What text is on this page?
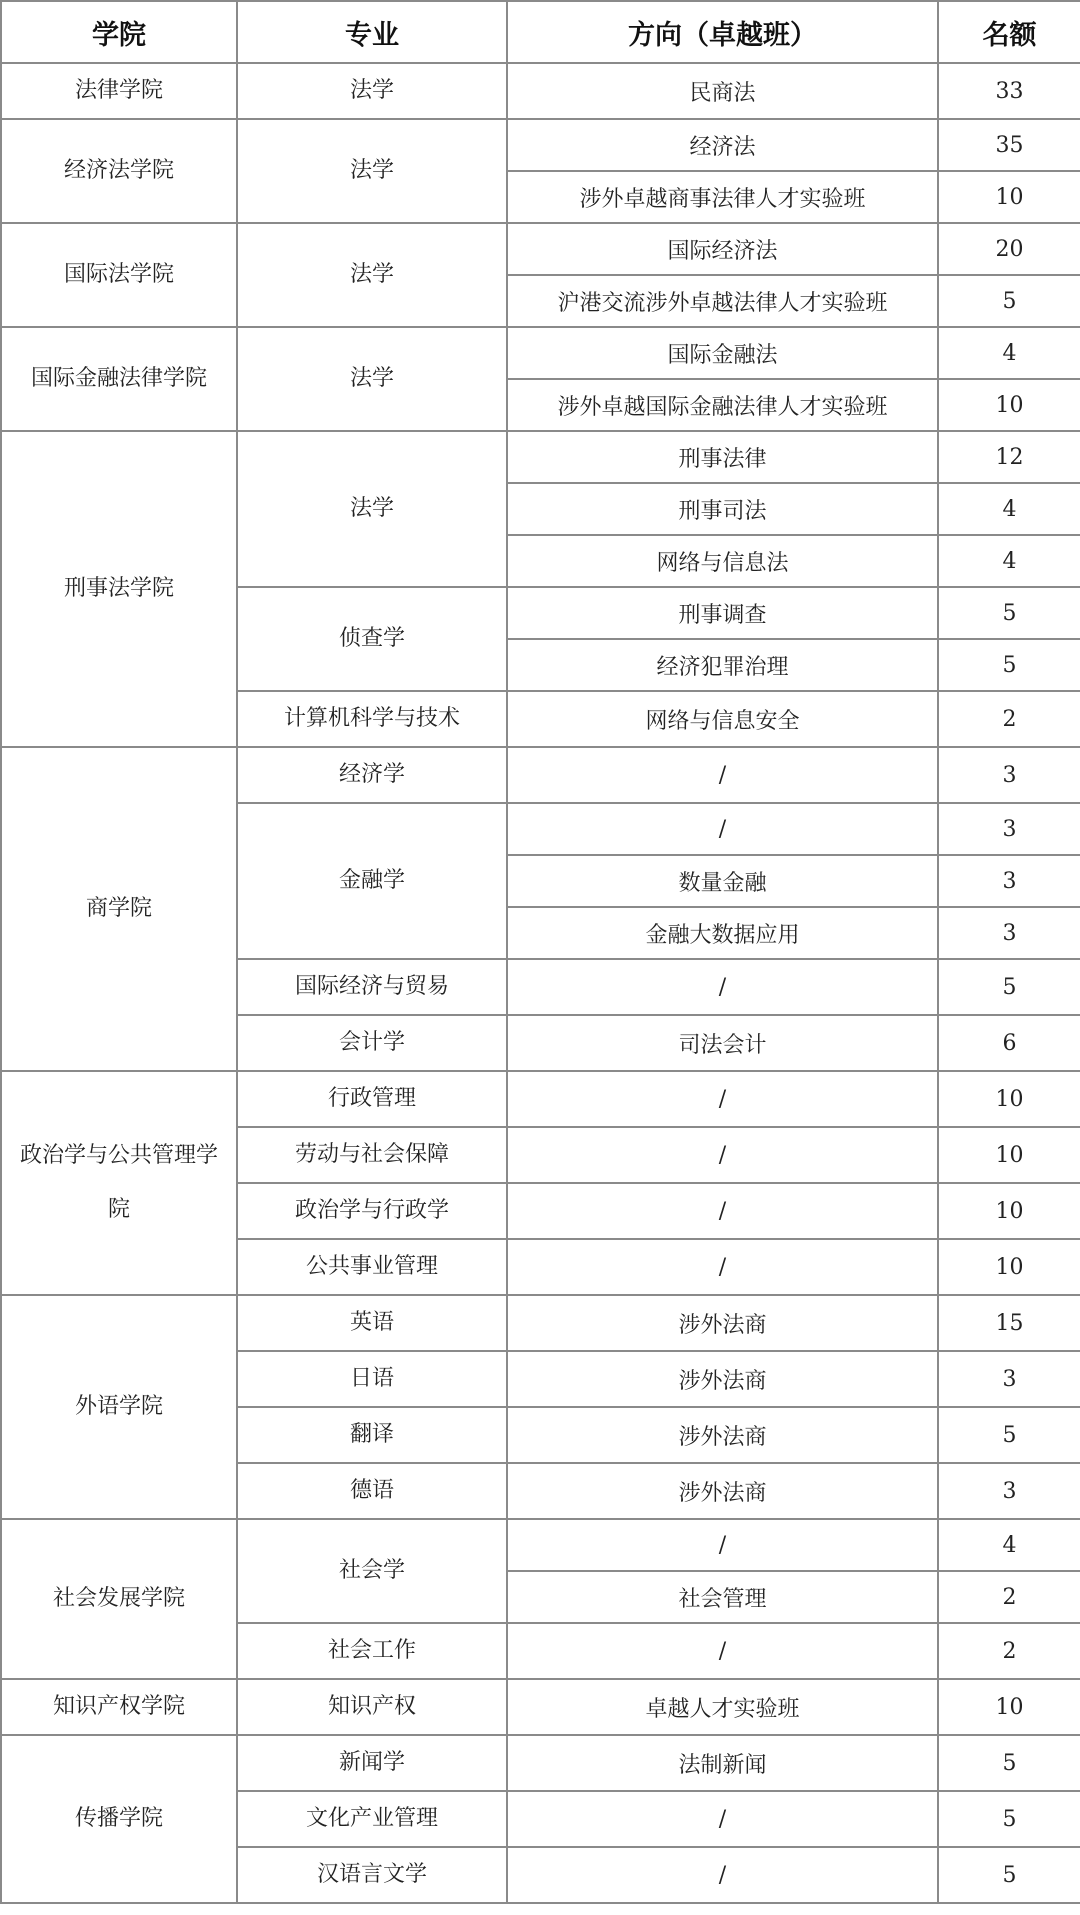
学院	专业	方向（卓越班）	名额
法律学院	法学	民商法	33
经济法学院	法学	经济法	35
		涉外卓越商事法律人才实验班	10
国际法学院	法学	国际经济法	20
		沪港交流涉外卓越法律人才实验班	5
国际金融法律学院	法学	国际金融法	4
		涉外卓越国际金融法律人才实验班	10
刑事法学院	法学	刑事法律	12
		刑事司法	4
		网络与信息法	4
	侦查学	刑事调查	5
		经济犯罪治理	5
	计算机科学与技术	网络与信息安全	2
商学院	经济学	/	3
	金融学	/	3
		数量金融	3
		金融大数据应用	3
	国际经济与贸易	/	5
	会计学	司法会计	6
政治学与公共管理学院	行政管理	/	10
	劳动与社会保障	/	10
	政治学与行政学	/	10
	公共事业管理	/	10
外语学院	英语	涉外法商	15
	日语	涉外法商	3
	翻译	涉外法商	5
	德语	涉外法商	3
社会发展学院	社会学	/	4
		社会管理	2
	社会工作	/	2
知识产权学院	知识产权	卓越人才实验班	10
传播学院	新闻学	法制新闻	5
	文化产业管理	/	5
	汉语言文学	/	5
